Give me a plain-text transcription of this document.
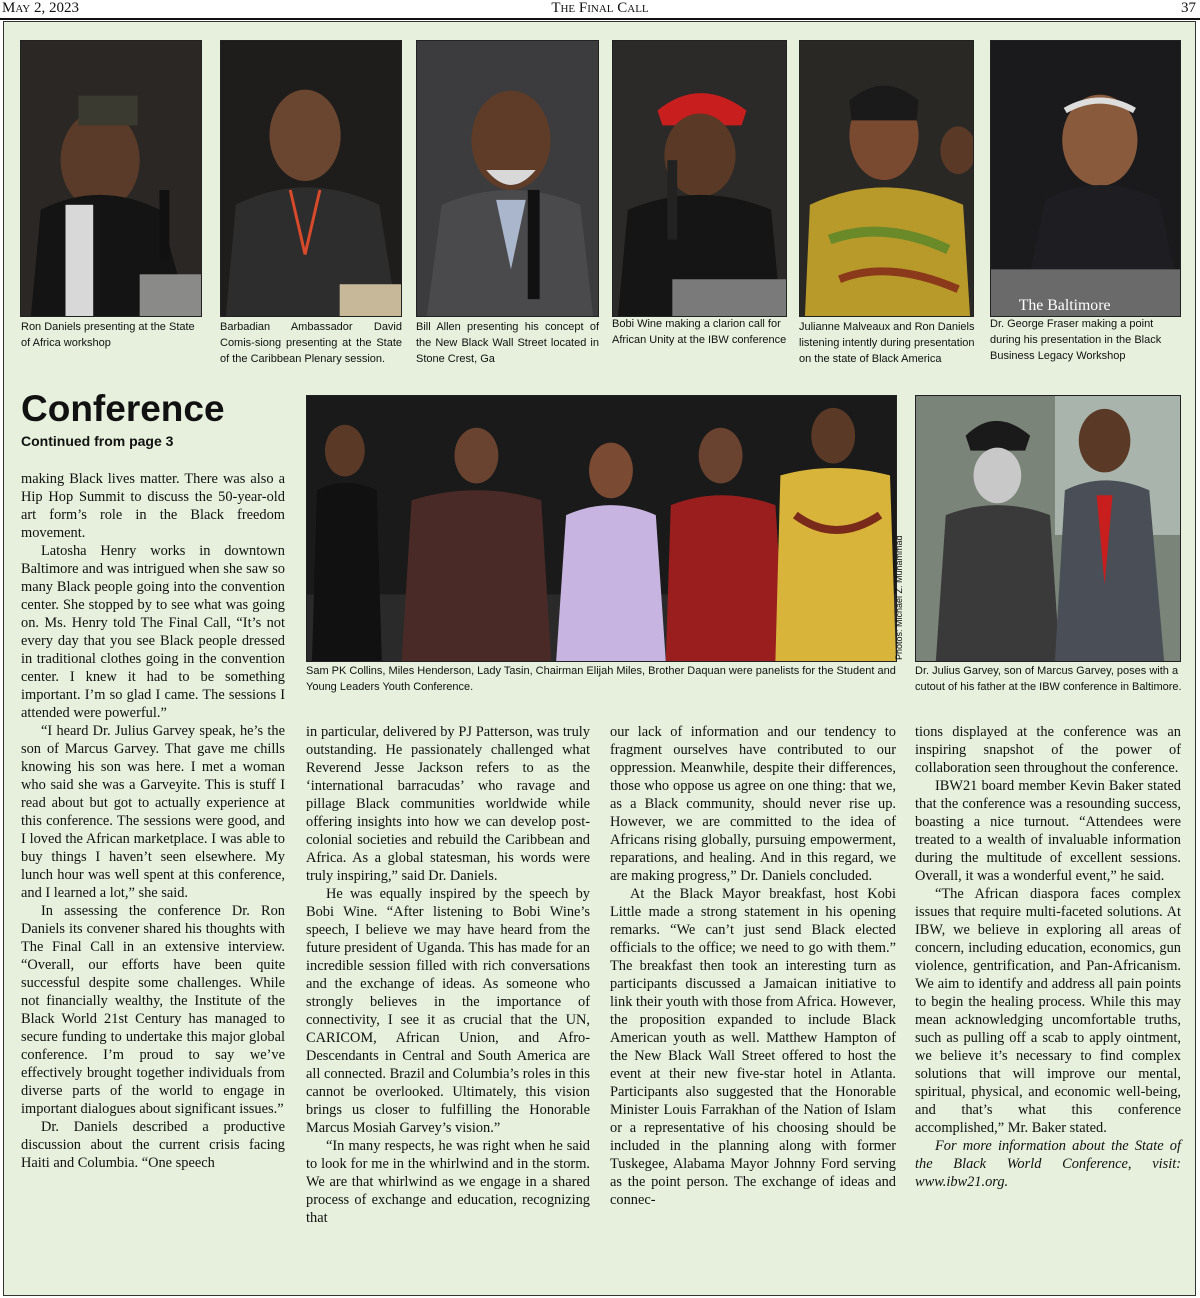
May 2, 2023	The Final Call	37
The Baltimore

Ron Daniels presenting at the State of Africa workshop

Barbadian Ambassador David Comis-siong presenting at the State of the Caribbean Plenary session.

Bill Allen presenting his concept of the New Black Wall Street located in Stone Crest, Ga

Bobi Wine making a clarion call for African Unity at the IBW conference

Julianne Malveaux and Ron Daniels listening intently during presentation on the state of Black America

Dr. George Fraser making a point during his presentation in the Black Business Legacy Workshop

Conference

Continued from page 3

Sam PK Collins, Miles Henderson, Lady Tasin, Chairman Elijah Miles, Brother Daquan were panelists for the Student and Young Leaders Youth Conference.

Dr. Julius Garvey, son of Marcus Garvey, poses with a cutout of his father at the IBW conference in Baltimore.

making Black lives matter. There was also a Hip Hop Summit to discuss the 50-year-old art form’s role in the Black freedom movement.

Latosha Henry works in downtown Baltimore and was intrigued when she saw so many Black people going into the convention center. She stopped by to see what was going on. Ms. Henry told The Final Call, “It’s not every day that you see Black people dressed in traditional clothes going in the convention center. I knew it had to be something important. I’m so glad I came. The sessions I attended were powerful.”

“I heard Dr. Julius Garvey speak, he’s the son of Marcus Garvey. That gave me chills knowing his son was here. I met a woman who said she was a Garveyite. This is stuff I read about but got to actually experience at this conference. The sessions were good, and I loved the African marketplace. I was able to buy things I haven’t seen elsewhere. My lunch hour was well spent at this conference, and I learned a lot,” she said.

In assessing the conference Dr. Ron Daniels its convener shared his thoughts with The Final Call in an extensive interview. “Overall, our efforts have been quite successful despite some challenges. While not financially wealthy, the Institute of the Black World 21st Century has managed to secure funding to undertake this major global conference. I’m proud to say we’ve effectively brought together individuals from diverse parts of the world to engage in important dialogues about significant issues.”

Dr. Daniels described a productive discussion about the current crisis facing Haiti and Columbia. “One speech

in particular, delivered by PJ Patterson, was truly outstanding. He passionately challenged what Reverend Jesse Jackson refers to as the ‘international barracudas’ who ravage and pillage Black communities worldwide while offering insights into how we can develop post-colonial societies and rebuild the Caribbean and Africa. As a global statesman, his words were truly inspiring,” said Dr. Daniels.

He was equally inspired by the speech by Bobi Wine. “After listening to Bobi Wine’s speech, I believe we may have heard from the future president of Uganda. This has made for an incredible session filled with rich conversations and the exchange of ideas. As someone who strongly believes in the importance of connectivity, I see it as crucial that the UN, CARICOM, African Union, and Afro-Descendants in Central and South America are all connected. Brazil and Columbia’s roles in this cannot be overlooked. Ultimately, this vision brings us closer to fulfilling the Honorable Marcus Mosiah Garvey’s vision.”

“In many respects, he was right when he said to look for me in the whirlwind and in the storm. We are that whirlwind as we engage in a shared process of exchange and education, recognizing that

our lack of information and our tendency to fragment ourselves have contributed to our oppression. Meanwhile, despite their differences, those who oppose us agree on one thing: that we, as a Black community, should never rise up. However, we are committed to the idea of Africans rising globally, pursuing empowerment, reparations, and healing. And in this regard, we are making progress,” Dr. Daniels concluded.

At the Black Mayor breakfast, host Kobi Little made a strong statement in his opening remarks. “We can’t just send Black elected officials to the office; we need to go with them.” The breakfast then took an interesting turn as participants discussed a Jamaican initiative to link their youth with those from Africa. However, the proposition expanded to include Black American youth as well. Matthew Hampton of the New Black Wall Street offered to host the event at their new five-star hotel in Atlanta. Participants also suggested that the Honorable Minister Louis Farrakhan of the Nation of Islam or a representative of his choosing should be included in the planning along with former Tuskegee, Alabama Mayor Johnny Ford serving as the point person. The exchange of ideas and connec-

tions displayed at the conference was an inspiring snapshot of the power of collaboration seen throughout the conference.

IBW21 board member Kevin Baker stated that the conference was a resounding success, boasting a nice turnout. “Attendees were treated to a wealth of invaluable information during the multitude of excellent sessions. Overall, it was a wonderful event,” he said.

“The African diaspora faces complex issues that require multi-faceted solutions. At IBW, we believe in exploring all areas of concern, including education, economics, gun violence, gentrification, and Pan-Africanism. We aim to identify and address all pain points to begin the healing process. While this may mean acknowledging uncomfortable truths, such as pulling off a scab to apply ointment, we believe it’s necessary to find complex solutions that will improve our mental, spiritual, physical, and economic well-being, and that’s what this conference accomplished,” Mr. Baker stated.

For more information about the State of the Black World Conference, visit: www.ibw21.org.
